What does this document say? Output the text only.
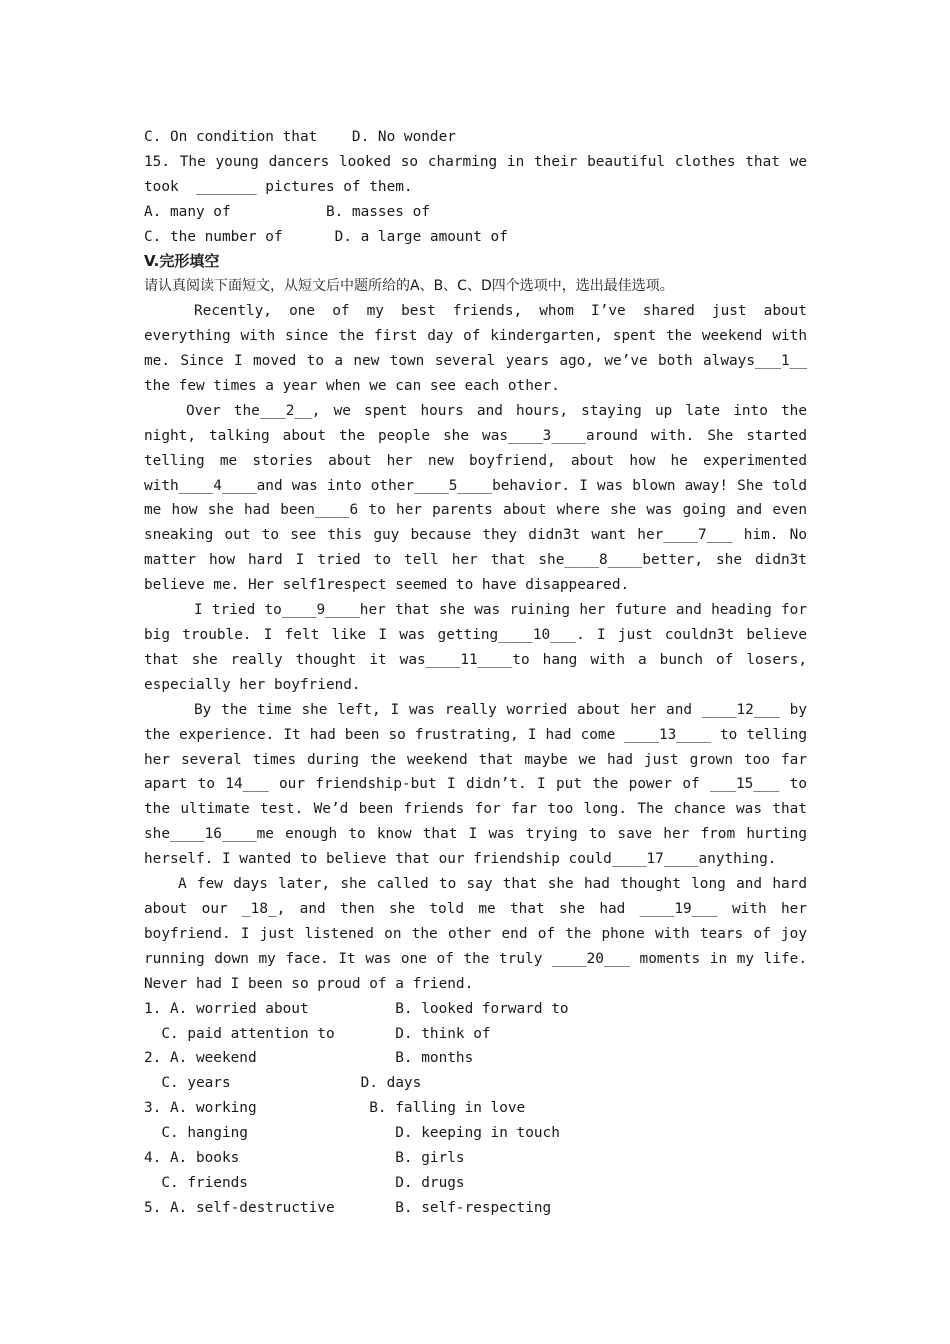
C. On condition that    D. No wonder
15. The young dancers looked so charming in their beautiful clothes that we
took  _______ pictures of them.
A. many of           B. masses of
C. the number of      D. a large amount of
V.完形填空
请认真阅读下面短文，从短文后中题所给的A、B、C、D四个选项中，选出最佳选项。
Recently, one of my best friends, whom I’ve shared just about everything with since the first day of kindergarten, spent the weekend with me. Since I moved to a new town several years ago, we’ve both always___1__ the few times a year when we can see each other.
Over the___2__, we spent hours and hours, staying up late into the night, talking about the people she was____3____around with. She started telling me stories about her new boyfriend, about how he experimented with____4____and was into other____5____behavior. I was blown away! She told me how she had been____6 to her parents about where she was going and even sneaking out to see this guy because they didn3t want her____7___ him. No matter how hard I tried to tell her that she____8____better, she didn3t believe me. Her self1respect seemed to have disappeared.
I tried to____9____her that she was ruining her future and heading for big trouble. I felt like I was getting____10___. I just couldn3t believe that she really thought it was____11____to hang with a bunch of losers, especially her boyfriend.
By the time she left, I was really worried about her and ____12___ by the experience. It had been so frustrating, I had come ____13____ to telling her several times during the weekend that maybe we had just grown too far apart to 14___ our friendship-but I didn’t. I put the power of ___15___ to the ultimate test. We’d been friends for far too long. The chance was that she____16____me enough to know that I was trying to save her from hurting herself. I wanted to believe that our friendship could____17____anything.
A few days later, she called to say that she had thought long and hard about our _18_, and then she told me that she had ____19___ with her boyfriend. I just listened on the other end of the phone with tears of joy running down my face. It was one of the truly ____20___ moments in my life. Never had I been so proud of a friend.
1. A. worried about          B. looked forward to
C. paid attention to       D. think of
2. A. weekend                B. months
C. years               D. days
3. A. working             B. falling in love
C. hanging                 D. keeping in touch
4. A. books                  B. girls
C. friends                 D. drugs
5. A. self-destructive       B. self-respecting
